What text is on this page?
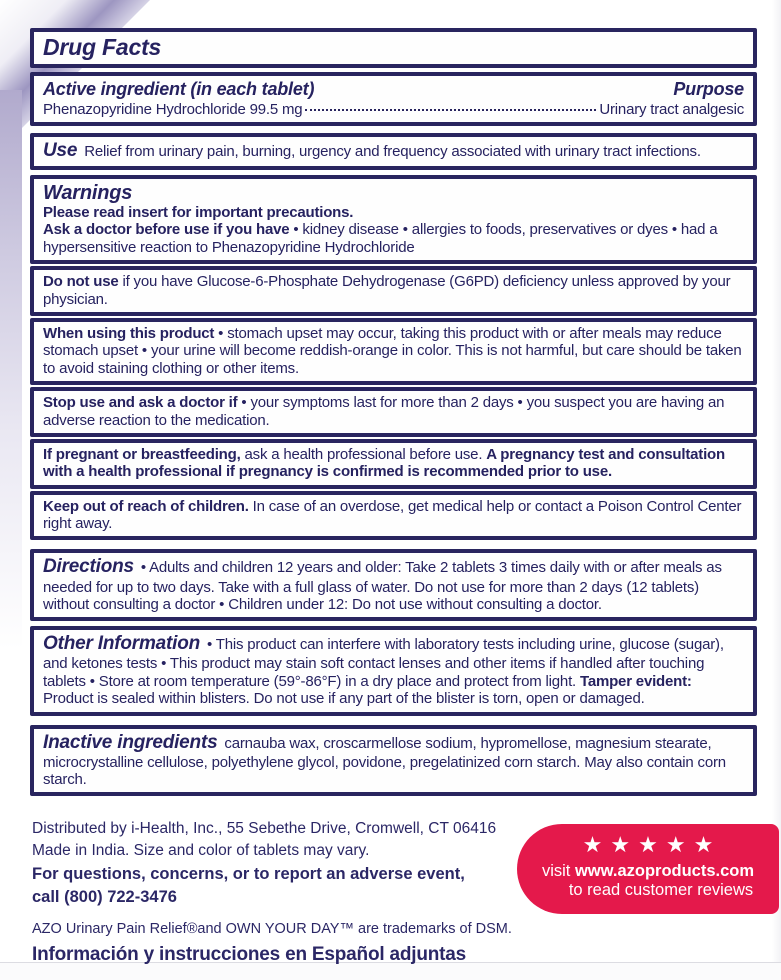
Drug Facts
Active ingredient (in each tablet)	Purpose
Phenazopyridine Hydrochloride 99.5 mg	Urinary tract analgesic

Use Relief from urinary pain, burning, urgency and frequency associated with urinary tract infections.

Warnings

Please read insert for important precautions.

Ask a doctor before use if you have • kidney disease • allergies to foods, preservatives or dyes • had a hypersensitive reaction to Phenazopyridine Hydrochloride

Do not use if you have Glucose-6-Phosphate Dehydrogenase (G6PD) deficiency unless approved by your physician.

When using this product • stomach upset may occur, taking this product with or after meals may reduce stomach upset • your urine will become reddish-orange in color. This is not harmful, but care should be taken to avoid staining clothing or other items.

Stop use and ask a doctor if • your symptoms last for more than 2 days • you suspect you are having an adverse reaction to the medication.

If pregnant or breastfeeding, ask a health professional before use. A pregnancy test and consultation with a health professional if pregnancy is confirmed is recommended prior to use.

Keep out of reach of children. In case of an overdose, get medical help or contact a Poison Control Center right away.

Directions • Adults and children 12 years and older: Take 2 tablets 3 times daily with or after meals as needed for up to two days. Take with a full glass of water. Do not use for more than 2 days (12 tablets) without consulting a doctor • Children under 12: Do not use without consulting a doctor.

Other Information • This product can interfere with laboratory tests including urine, glucose (sugar), and ketones tests • This product may stain soft contact lenses and other items if handled after touching tablets • Store at room temperature (59°-86°F) in a dry place and protect from light. Tamper evident: Product is sealed within blisters. Do not use if any part of the blister is torn, open or damaged.

Inactive ingredients carnauba wax, croscarmellose sodium, hypromellose, magnesium stearate, microcrystalline cellulose, polyethylene glycol, povidone, pregelatinized corn starch. May also contain corn starch.

Distributed by i-Health, Inc., 55 Sebethe Drive, Cromwell, CT 06416

Made in India. Size and color of tablets may vary.

For questions, concerns, or to report an adverse event,

call (800) 722-3476

AZO Urinary Pain Relief®and OWN YOUR DAY™ are trademarks of DSM.

Información y instrucciones en Español adjuntas

★ ★ ★ ★ ★
visit www.azoproducts.com
to read customer reviews
